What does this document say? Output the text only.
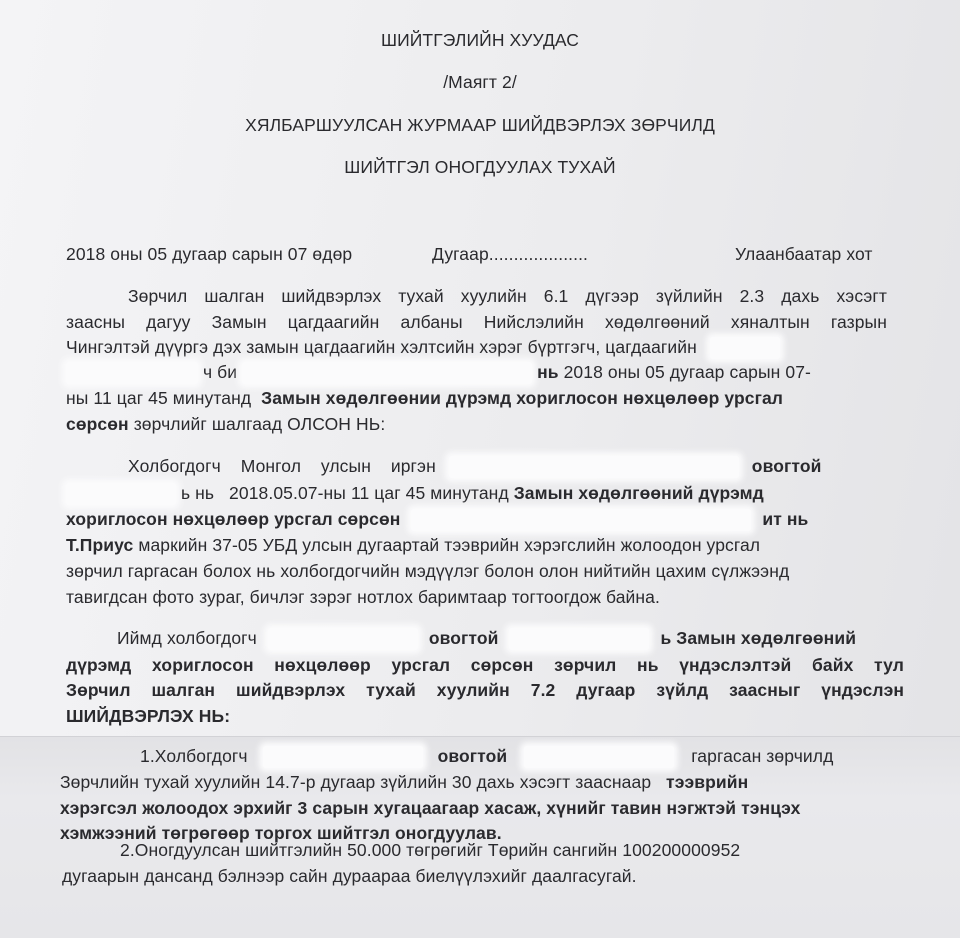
ШИЙТГЭЛИЙН ХУУДАС
/Маягт 2/
ХЯЛБАРШУУЛСАН ЖУРМААР ШИЙДВЭРЛЭХ ЗӨРЧИЛД
ШИЙТГЭЛ ОНОГДУУЛАХ ТУХАЙ
2018 оны 05 дугаар сарын 07 өдөр	Дугаар....................	Улаанбаатар хот
Зөрчил шалган шийдвэрлэх тухай хуулийн 6.1 дүгээр зүйлийн 2.3 дахь хэсэгт
заасны дагуу Замын цагдаагийн албаны Нийслэлийн хөдөлгөөний хяналтын газрын
Чингэлтэй дүүргэ дэх замын цагдаагийн хэлтсийн хэрэг бүртгэгч, цагдаагийн
ч би	нь 2018 оны 05 дугаар сарын 07-
ны 11 цаг 45 минутанд Замын хөдөлгөөнии дүрэмд хориглосон нөхцөлөөр урсгал
сөрсөн зөрчлийг шалгаад ОЛСОН НЬ:
Холбогдогч Монгол улсын иргэн	овогтой
ь нь 2018.05.07-ны 11 цаг 45 минутанд Замын хөдөлгөөний дүрэмд
хориглосон нөхцөлөөр урсгал сөрсөн	ит нь
Т.Приус маркийн 37-05 УБД улсын дугаартай тээврийн хэрэгслийн жолоодон урсгал
зөрчил гаргасан болох нь холбогдогчийн мэдүүлэг болон олон нийтийн цахим сүлжээнд
тавигдсан фото зураг, бичлэг зэрэг нотлох баримтаар тогтоогдож байна.
Иймд холбогдогч	овогтой	ь Замын хөдөлгөөний
дүрэмд хориглосон нөхцөлөөр урсгал сөрсөн зөрчил нь үндэслэлтэй байх тул
Зөрчил шалган шийдвэрлэх тухай хуулийн 7.2 дугаар зүйлд заасныг үндэслэн
ШИЙДВЭРЛЭХ НЬ:
1.Холбогдогч	овогтой	гаргасан зөрчилд
Зөрчлийн тухай хуулийн 14.7-р дугаар зүйлийн 30 дахь хэсэгт зааснаар тээврийн
хэрэгсэл жолоодох эрхийг 3 сарын хугацаагаар хасаж, хүнийг тавин нэгжтэй тэнцэх
хэмжээний төгрөгөөр торгох шийтгэл оногдуулав.
2.Оногдуулсан шийтгэлийн 50.000 төгрөгийг Төрийн сангийн 100200000952
дугаарын дансанд бэлнээр сайн дураараа биелүүлэхийг даалгасугай.
